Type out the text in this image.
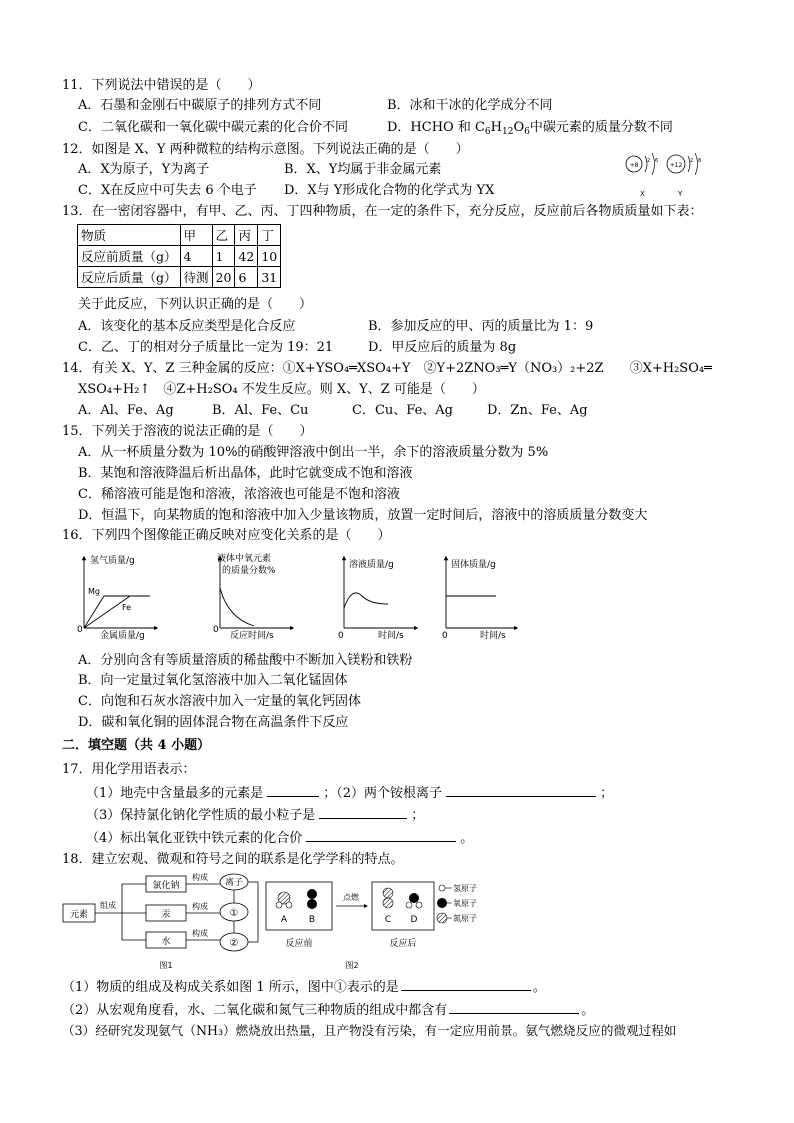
11．下列说法中错误的是（　　）
A．石墨和金刚石中碳原子的排列方式不同	B．冰和干冰的化学成分不同
C．二氧化碳和一氧化碳中碳元素的化合价不同	D．HCHO 和 $C_6H_{12}O_6$中碳元素的质量分数不同
12．如图是 X、Y 两种微粒的结构示意图。下列说法正确的是（　　）
A．X为原子，Y为离子	B．X、Y均属于非金属元素
C．X在反应中可失去 6 个电子 D．X与 Y形成化合物的化学式为 YX
+8
2 6
X
+12
2 8
Y
13．在一密闭容器中，有甲、乙、丙、丁四种物质，在一定的条件下，充分反应，反应前后各物质质量如下表：
物质	甲	乙	丙	丁
反应前质量（g）	4	1	42	10
反应后质量（g）	待测	20	6	31
关于此反应，下列认识正确的是（　　）
A．该变化的基本反应类型是化合反应	B．参加反应的甲、丙的质量比为 1：9
C．乙、丁的相对分子质量比一定为 19：21	D．甲反应后的质量为 8g
14．有关 X、Y、Z 三种金属的反应：①X+YSO₄═XSO₄+Y　②Y+2ZNO₃═Y（NO₃）₂+2Z　　③X+H₂SO₄═
XSO₄+H₂↑　④Z+H₂SO₄ 不发生反应。则 X、Y、Z 可能是（　　）
A．Al、Fe、Ag	B．Al、Fe、Cu	C．Cu、Fe、Ag	D．Zn、Fe、Ag
15．下列关于溶液的说法正确的是（　　）
A．从一杯质量分数为 10%的硝酸钾溶液中倒出一半，余下的溶液质量分数为 5%
B．某饱和溶液降温后析出晶体，此时它就变成不饱和溶液
C．稀溶液可能是饱和溶液，浓溶液也可能是不饱和溶液
D．恒温下，向某物质的饱和溶液中加入少量该物质，放置一定时间后，溶液中的溶质质量分数变大
16．下列四个图像能正确反映对应变化关系的是（　　）
氢气质量/g
金属质量/g
0
Mg
Fe
液体中氧元素
的质量分数%
反应时间/s
0
溶液质量/g
时间/s
0
固体质量/g
时间/s
0
A．分别向含有等质量溶质的稀盐酸中不断加入镁粉和铁粉
B．向一定量过氧化氢溶液中加入二氧化锰固体
C．向饱和石灰水溶液中加入一定量的氧化钙固体
D．碳和氧化铜的固体混合物在高温条件下反应
二．填空题（共 4 小题）
17．用化学用语表示：
（1）地壳中含量最多的元素是	；（2）两个铵根离子	；
（3）保持氯化钠化学性质的最小粒子是	；
（4）标出氧化亚铁中铁元素的化合价	。
18．建立宏观、微观和符号之间的联系是化学学科的特点。
元素
组成
氯化钠
汞
水
构成
构成
构成
离子
①
②
图1
A B
反应前
点燃
C D
反应后
氢原子
氧原子
氮原子
图2
（1）物质的组成及构成关系如图 1 所示，图中①表示的是	。
（2）从宏观角度看，水、二氧化碳和氮气三种物质的组成中都含有	。
（3）经研究发现氨气（NH₃）燃烧放出热量，且产物没有污染，有一定应用前景。氨气燃烧反应的微观过程如
